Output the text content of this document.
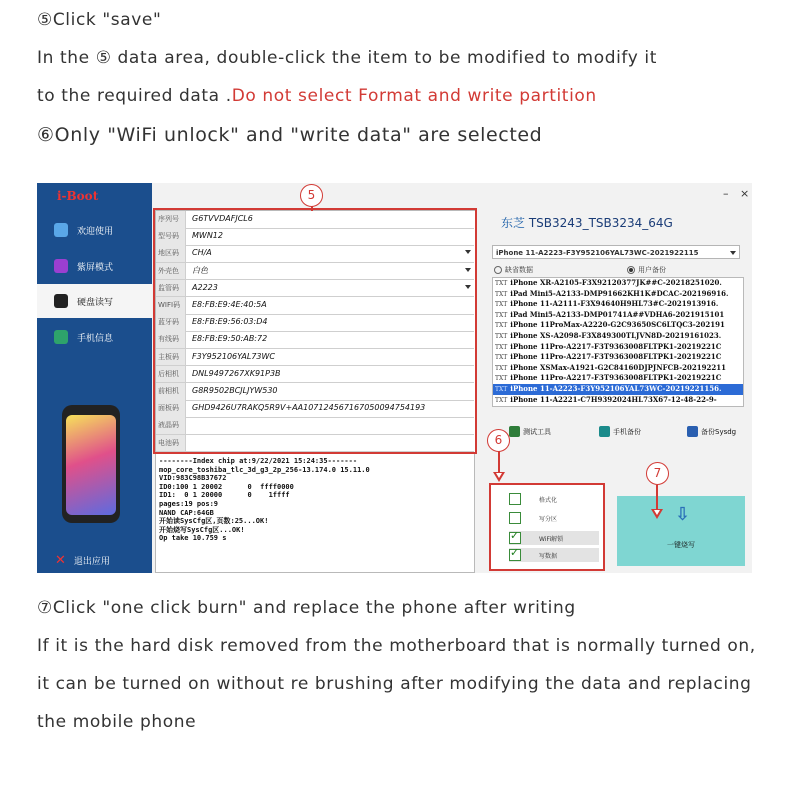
⑤Click "save"
In the ⑤ data area, double-click the item to be modified to modify it
to the required data .Do not select Format and write partition
⑥Only "WiFi unlock" and "write data" are selected
i-Boot
欢迎使用
紫屏模式
硬盘读写
手机信息
✕ 退出应用
序列号	G6TVVDAFJCL6
型号码	MWN12
地区码	CH/A
外壳色	白色
监管码	A2223
WIFI码	E8:FB:E9:4E:40:5A
蓝牙码	E8:FB:E9:56:03:D4
有线码	E8:FB:E9:50:AB:72
主板码	F3Y952106YAL73WC
后相机	DNL9497267XK91P3B
前相机	G8R9502BCJLJYW530
面板码	GHD9426U7RAKQ5R9V+AA107124567167050094754193
液晶码
电池码
--------Index chip at:9/22/2021 15:24:35-------
mop_core_toshiba_tlc_3d_g3_2p_256-13.174.0 15.11.0
VID:983C98B37672
ID0:100 1 20002      0  ffff0000
ID1:  0 1 20000      0    1ffff
pages:19 pos:9
NAND CAP:64GB
开始读SysCfg区,页数:25...OK!
开始烧写SysCfg区...OK!
Op take 10.759 s
东芝 TSB3243_TSB3234_64G
– ×
iPhone 11-A2223-F3Y952106YAL73WC-2021922115
缺省数据	用户备份
TXT iPhone XR-A2105-F3X92120377JK##C-20218251020.
TXT iPad Mini5-A2133-DMP91662KH1K#DCAC-202196916.
TXT iPhone 11-A2111-F3X94640H9HL73#C-2021913916.
TXT iPad Mini5-A2133-DMP01741A##VDHA6-2021915101
TXT iPhone 11ProMax-A2220-G2C93650SC6LTQC3-202191
TXT iPhone XS-A2098-F3X849300TLJVN8D-20219161023.
TXT iPhone 11Pro-A2217-F3T9363008FLTPK1-20219221C
TXT iPhone 11Pro-A2217-F3T9363008FLTPK1-20219221C
TXT iPhone XSMax-A1921-G2C84160DJPJNFCB-202192211
TXT iPhone 11Pro-A2217-F3T9363008FLTPK1-20219221C
TXT iPhone 11-A2223-F3Y952106YAL73WC-20219221156.
TXT iPhone 11-A2221-C7H9392024HL73X67-12-48-22-9-
测试工具	手机备份	备份Sysdg
格式化
写分区
✓
WiFi解锁
✓
写数据
⇩
一键烧写
5
6
7
⑦Click "one click burn" and replace the phone after writing
If it is the hard disk removed from the motherboard that is normally turned on,
it can be turned on without re brushing after modifying the data and replacing
the mobile phone
